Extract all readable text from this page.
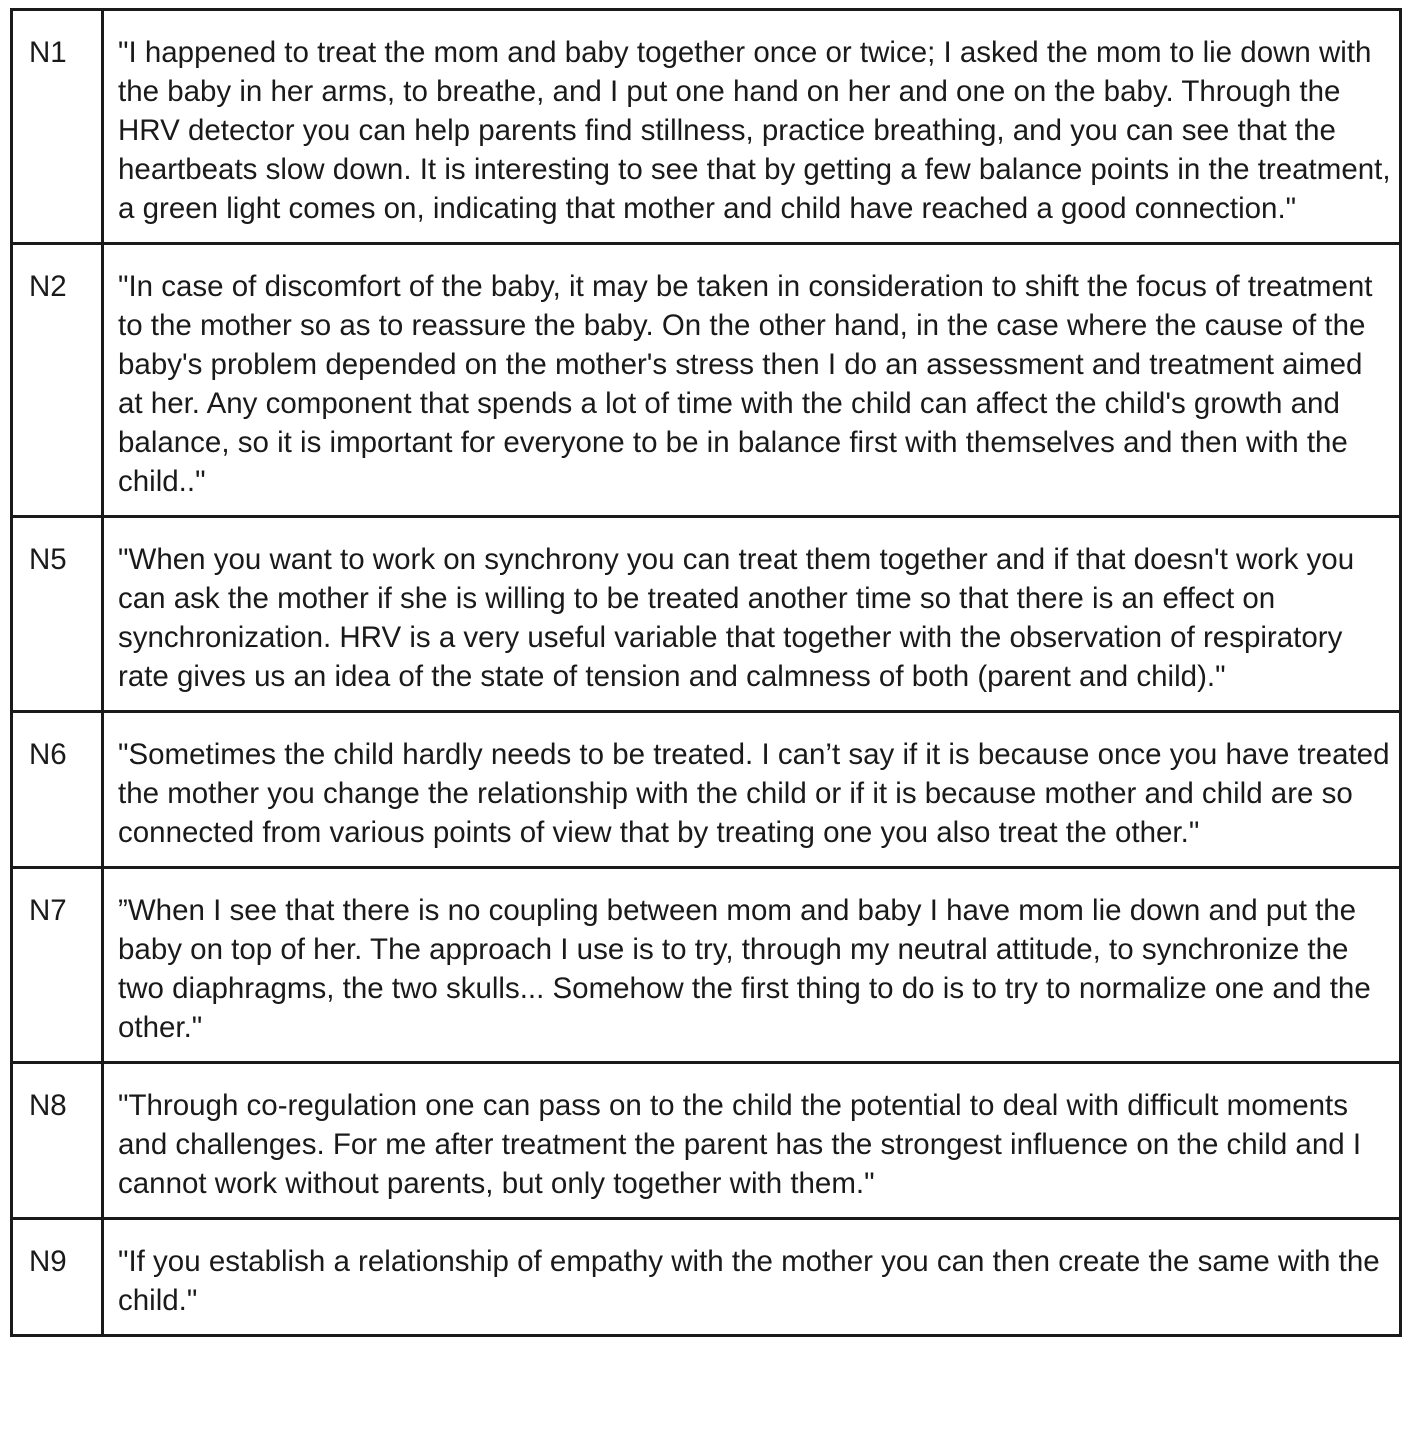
N1	"I happened to treat the mom and baby together once or twice; I asked the mom to lie down with the baby in her arms, to breathe, and I put one hand on her and one on the baby. Through the HRV detector you can help parents find stillness, practice breathing, and you can see that the heartbeats slow down. It is interesting to see that by getting a few balance points in the treatment, a green light comes on, indicating that mother and child have reached a good connection."
N2	"In case of discomfort of the baby, it may be taken in consideration to shift the focus of treatment to the mother so as to reassure the baby. On the other hand, in the case where the cause of the baby's problem depended on the mother's stress then I do an assessment and treatment aimed at her. Any component that spends a lot of time with the child can affect the child's growth and balance, so it is important for everyone to be in balance first with themselves and then with the child.."
N5	"When you want to work on synchrony you can treat them together and if that doesn't work you can ask the mother if she is willing to be treated another time so that there is an effect on synchronization. HRV is a very useful variable that together with the observation of respiratory rate gives us an idea of the state of tension and calmness of both (parent and child)."
N6	"Sometimes the child hardly needs to be treated. I can’t say if it is because once you have treated the mother you change the relationship with the child or if it is because mother and child are so connected from various points of view that by treating one you also treat the other."
N7	”When I see that there is no coupling between mom and baby I have mom lie down and put the baby on top of her. The approach I use is to try, through my neutral attitude, to synchronize the two diaphragms, the two skulls... Somehow the first thing to do is to try to normalize one and the other."
N8	"Through co-regulation one can pass on to the child the potential to deal with difficult moments and challenges. For me after treatment the parent has the strongest influence on the child and I cannot work without parents, but only together with them."
N9	"If you establish a relationship of empathy with the mother you can then create the same with the child."
